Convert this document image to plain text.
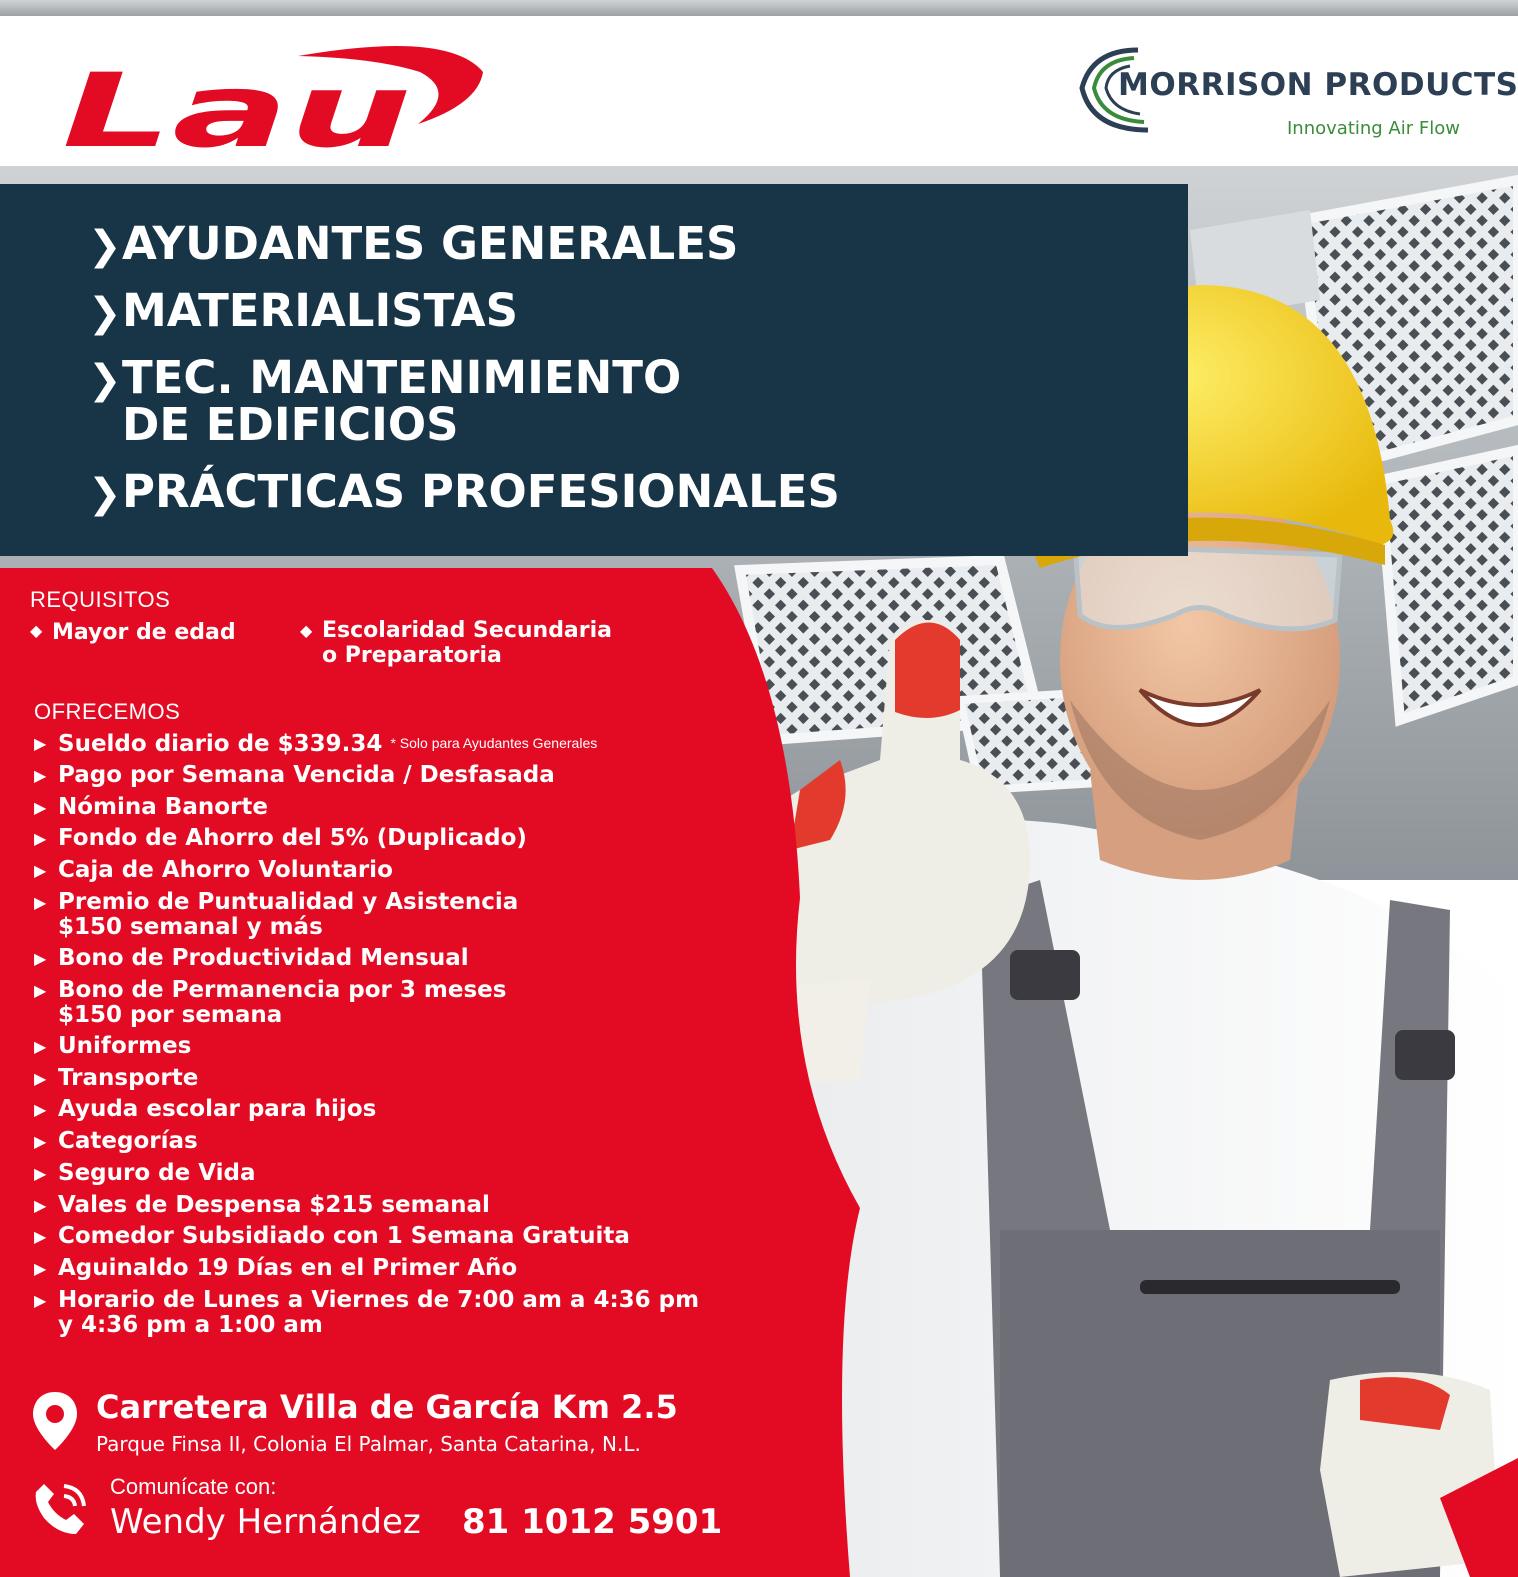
Lau	MORRISON PRODUCTS
Innovating Air Flow
❯AYUDANTES GENERALES
❯MATERIALISTAS
❯TEC. MANTENIMIENTO
DE EDIFICIOS
❯PRÁCTICAS PROFESIONALES
REQUISITOS
◆ Mayor de edad	◆ Escolaridad Secundaria
o Preparatoria
OFRECEMOS
▶ Sueldo diario de $339.34 * Solo para Ayudantes Generales
▶ Pago por Semana Vencida / Desfasada
▶ Nómina Banorte
▶ Fondo de Ahorro del 5% (Duplicado)
▶ Caja de Ahorro Voluntario
▶ Premio de Puntualidad y Asistencia
$150 semanal y más
▶ Bono de Productividad Mensual
▶ Bono de Permanencia por 3 meses
$150 por semana
▶ Uniformes
▶ Transporte
▶ Ayuda escolar para hijos
▶ Categorías
▶ Seguro de Vida
▶ Vales de Despensa $215 semanal
▶ Comedor Subsidiado con 1 Semana Gratuita
▶ Aguinaldo 19 Días en el Primer Año
▶ Horario de Lunes a Viernes de 7:00 am a 4:36 pm
y 4:36 pm a 1:00 am
Carretera Villa de García Km 2.5
Parque Finsa II, Colonia El Palmar, Santa Catarina, N.L.
Comunícate con:
Wendy Hernández 81 1012 5901
